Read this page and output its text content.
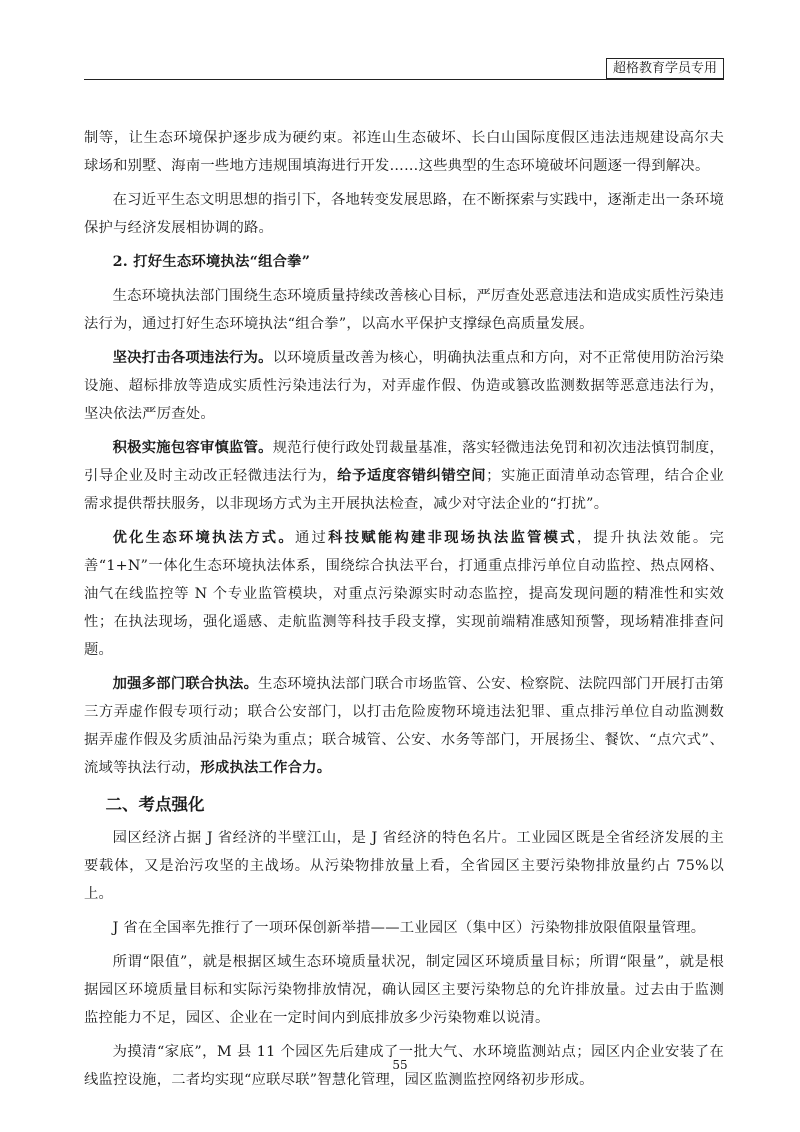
超格教育学员专用

制等，让生态环境保护逐步成为硬约束。祁连山生态破坏、长白山国际度假区违法违规建设高尔夫球场和别墅、海南一些地方违规围填海进行开发……这些典型的生态环境破坏问题逐一得到解决。

在习近平生态文明思想的指引下，各地转变发展思路，在不断探索与实践中，逐渐走出一条环境保护与经济发展相协调的路。

2. 打好生态环境执法“组合拳”

生态环境执法部门围绕生态环境质量持续改善核心目标，严厉查处恶意违法和造成实质性污染违法行为，通过打好生态环境执法“组合拳”，以高水平保护支撑绿色高质量发展。

坚决打击各项违法行为。以环境质量改善为核心，明确执法重点和方向，对不正常使用防治污染设施、超标排放等造成实质性污染违法行为，对弄虚作假、伪造或篡改监测数据等恶意违法行为，坚决依法严厉查处。

积极实施包容审慎监管。规范行使行政处罚裁量基准，落实轻微违法免罚和初次违法慎罚制度，引导企业及时主动改正轻微违法行为，给予适度容错纠错空间；实施正面清单动态管理，结合企业需求提供帮扶服务，以非现场方式为主开展执法检查，减少对守法企业的“打扰”。

优化生态环境执法方式。通过科技赋能构建非现场执法监管模式，提升执法效能。完善“1+N”一体化生态环境执法体系，围绕综合执法平台，打通重点排污单位自动监控、热点网格、油气在线监控等 N 个专业监管模块，对重点污染源实时动态监控，提高发现问题的精准性和实效性；在执法现场，强化遥感、走航监测等科技手段支撑，实现前端精准感知预警，现场精准排查问题。

加强多部门联合执法。生态环境执法部门联合市场监管、公安、检察院、法院四部门开展打击第三方弄虚作假专项行动；联合公安部门，以打击危险废物环境违法犯罪、重点排污单位自动监测数据弄虚作假及劣质油品污染为重点；联合城管、公安、水务等部门，开展扬尘、餐饮、“点穴式”、流域等执法行动，形成执法工作合力。

二、考点强化

园区经济占据 J 省经济的半壁江山，是 J 省经济的特色名片。工业园区既是全省经济发展的主要载体，又是治污攻坚的主战场。从污染物排放量上看，全省园区主要污染物排放量约占 75%以上。

J 省在全国率先推行了一项环保创新举措——工业园区（集中区）污染物排放限值限量管理。

所谓“限值”，就是根据区域生态环境质量状况，制定园区环境质量目标；所谓“限量”，就是根据园区环境质量目标和实际污染物排放情况，确认园区主要污染物总的允许排放量。过去由于监测监控能力不足，园区、企业在一定时间内到底排放多少污染物难以说清。

为摸清“家底”，M 县 11 个园区先后建成了一批大气、水环境监测站点；园区内企业安装了在线监控设施，二者均实现“应联尽联”智慧化管理，园区监测监控网络初步形成。

55
